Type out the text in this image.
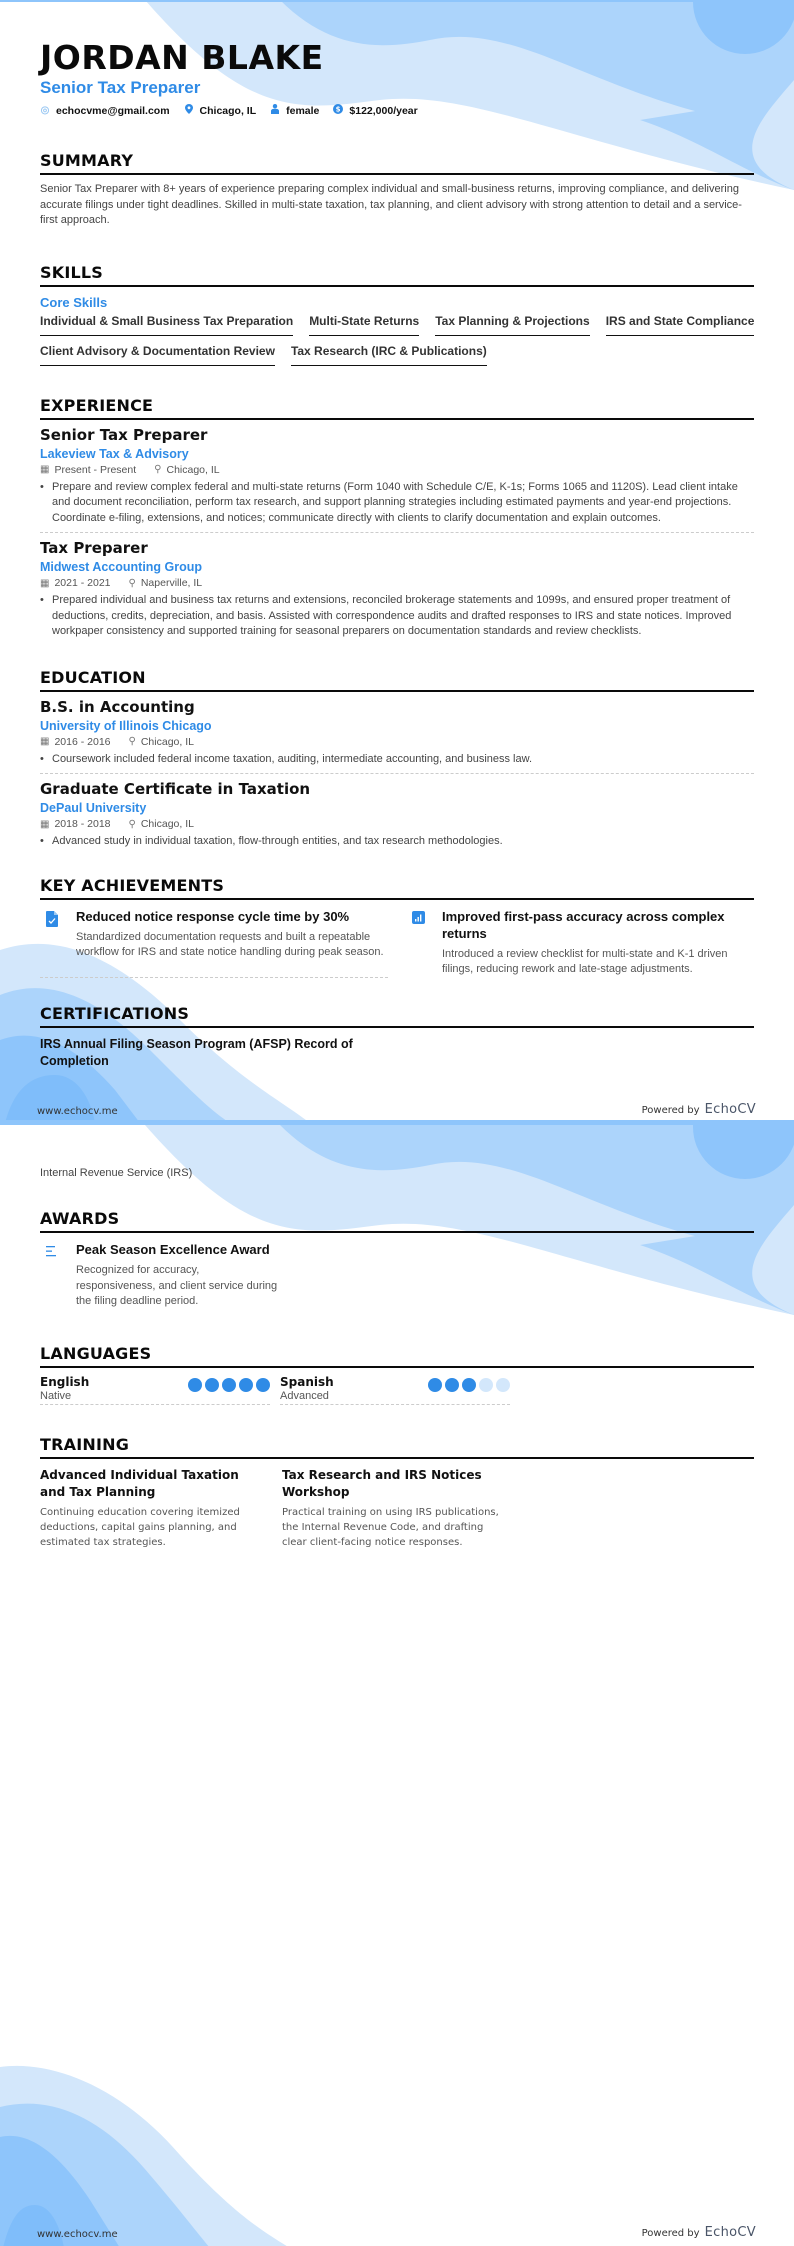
JORDAN BLAKE
Senior Tax Preparer
◎ echocvme@gmail.com	Chicago, IL	female $ $122,000/year
SUMMARY
Senior Tax Preparer with 8+ years of experience preparing complex individual and small-business returns, improving compliance, and delivering accurate filings under tight deadlines. Skilled in multi-state taxation, tax planning, and client advisory with strong attention to detail and a service-first approach.
SKILLS
Core Skills
Individual & Small Business Tax Preparation Multi-State Returns Tax Planning & Projections IRS and State Compliance
Client Advisory & Documentation Review Tax Research (IRC & Publications)
EXPERIENCE
Senior Tax Preparer
Lakeview Tax & Advisory
▦ Present - Present ⚲ Chicago, IL
• Prepare and review complex federal and multi-state returns (Form 1040 with Schedule C/E, K-1s; Forms 1065 and 1120S). Lead client intake and document reconciliation, perform tax research, and support planning strategies including estimated payments and year-end projections. Coordinate e-filing, extensions, and notices; communicate directly with clients to clarify documentation and explain outcomes.
Tax Preparer
Midwest Accounting Group
▦ 2021 - 2021 ⚲ Naperville, IL
• Prepared individual and business tax returns and extensions, reconciled brokerage statements and 1099s, and ensured proper treatment of deductions, credits, depreciation, and basis. Assisted with correspondence audits and drafted responses to IRS and state notices. Improved workpaper consistency and supported training for seasonal preparers on documentation standards and review checklists.
EDUCATION
B.S. in Accounting
University of Illinois Chicago
▦ 2016 - 2016 ⚲ Chicago, IL
• Coursework included federal income taxation, auditing, intermediate accounting, and business law.
Graduate Certificate in Taxation
DePaul University
▦ 2018 - 2018 ⚲ Chicago, IL
• Advanced study in individual taxation, flow-through entities, and tax research methodologies.
KEY ACHIEVEMENTS
Reduced notice response cycle time by 30%
Standardized documentation requests and built a repeatable workflow for IRS and state notice handling during peak season.
Improved first-pass accuracy across complex returns
Introduced a review checklist for multi-state and K-1 driven filings, reducing rework and late-stage adjustments.
CERTIFICATIONS
IRS Annual Filing Season Program (AFSP) Record of Completion
www.echocv.me	Powered by EchoCV
Internal Revenue Service (IRS)
AWARDS
Peak Season Excellence Award
Recognized for accuracy, responsiveness, and client service during the filing deadline period.
LANGUAGES
English
Native
Spanish
Advanced
TRAINING
Advanced Individual Taxation and Tax Planning
Continuing education covering itemized deductions, capital gains planning, and estimated tax strategies.
Tax Research and IRS Notices Workshop
Practical training on using IRS publications, the Internal Revenue Code, and drafting clear client-facing notice responses.
www.echocv.me	Powered by EchoCV
